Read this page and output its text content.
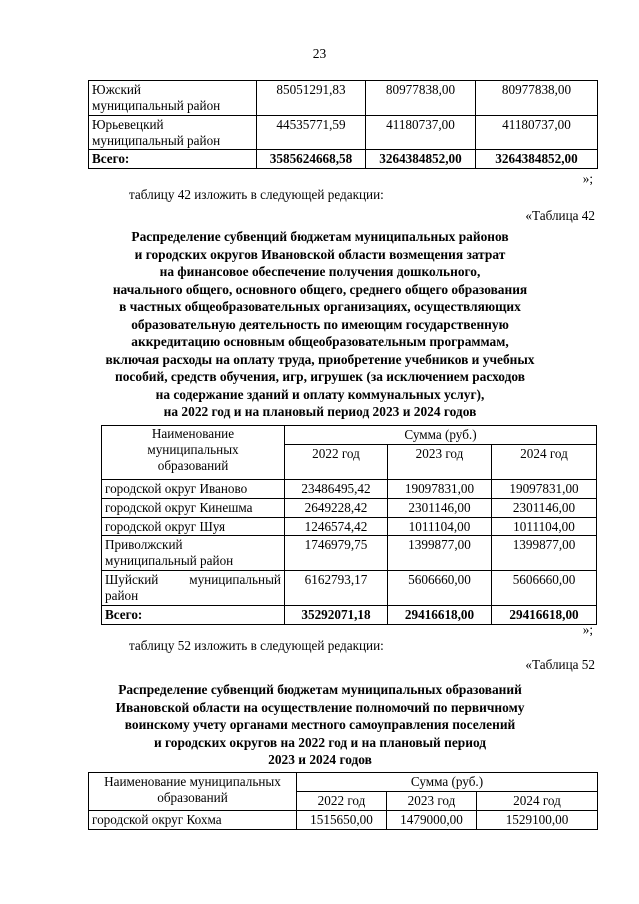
23
Южский
муниципальный район	85051291,83	80977838,00	80977838,00

Юрьевецкий
муниципальный район	44535771,59	41180737,00	41180737,00
Всего:	3585624668,58	3264384852,00	3264384852,00
»;
таблицу 42 изложить в следующей редакции:
«Таблица 42
Распределение субвенций бюджетам муниципальных районов
и городских округов Ивановской области возмещения затрат
на финансовое обеспечение получения дошкольного,
начального общего, основного общего, среднего общего образования
в частных общеобразовательных организациях, осуществляющих
образовательную деятельность по имеющим государственную
аккредитацию основным общеобразовательным программам,
включая расходы на оплату труда, приобретение учебников и учебных
пособий, средств обучения, игр, игрушек (за исключением расходов
на содержание зданий и оплату коммунальных услуг),
на 2022 год и на плановый период 2023 и 2024 годов
Наименование
муниципальных
образований	Сумма (руб.)		
	2022 год	2023 год	2024 год
городской округ Иваново	23486495,42	19097831,00	19097831,00
городской округ Кинешма	2649228,42	2301146,00	2301146,00
городской округ Шуя	1246574,42	1011104,00	1011104,00

Приволжский
муниципальный район	1746979,75	1399877,00	1399877,00

Шуйский муниципальный
район	6162793,17	5606660,00	5606660,00
Всего:	35292071,18	29416618,00	29416618,00
»;
таблицу 52 изложить в следующей редакции:
«Таблица 52
Распределение субвенций бюджетам муниципальных образований
Ивановской области на осуществление полномочий по первичному
воинскому учету органами местного самоуправления поселений
и городских округов на 2022 год и на плановый период
2023 и 2024 годов
Наименование муниципальных
образований	Сумма (руб.)		
	2022 год	2023 год	2024 год
городской округ Кохма	1515650,00	1479000,00	1529100,00
